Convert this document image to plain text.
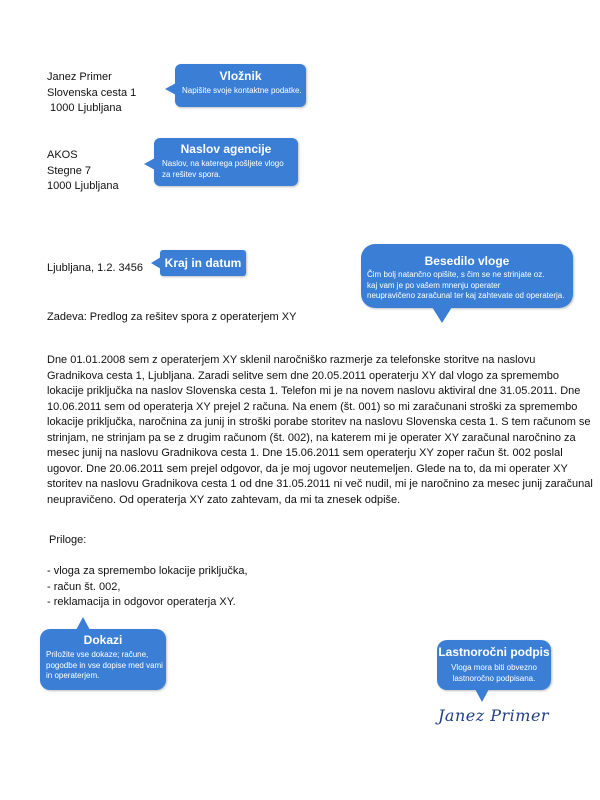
Janez Primer
Slovenska cesta 1
1000 Ljubljana
AKOS
Stegne 7
1000 Ljubljana
Ljubljana, 1.2. 3456
Zadeva: Predlog za rešitev spora z operaterjem XY
Dne 01.01.2008 sem z operaterjem XY sklenil naročniško razmerje za telefonske storitve na naslovu
Gradnikova cesta 1, Ljubljana. Zaradi selitve sem dne 20.05.2011 operaterju XY dal vlogo za spremembo
lokacije priključka na naslov Slovenska cesta 1. Telefon mi je na novem naslovu aktiviral dne 31.05.2011. Dne
10.06.2011 sem od operaterja XY prejel 2 računa. Na enem (št. 001) so mi zaračunani stroški za spremembo
lokacije priključka, naročnina za junij in stroški porabe storitev na naslovu Slovenska cesta 1. S tem računom se
strinjam, ne strinjam pa se z drugim računom (št. 002), na katerem mi je operater XY zaračunal naročnino za
mesec junij na naslovu Gradnikova cesta 1. Dne 15.06.2011 sem operaterju XY zoper račun št. 002 poslal
ugovor. Dne 20.06.2011 sem prejel odgovor, da je moj ugovor neutemeljen. Glede na to, da mi operater XY
storitev na naslovu Gradnikova cesta 1 od dne 31.05.2011 ni več nudil, mi je naročnino za mesec junij zaračunal
neupravičeno. Od operaterja XY zato zahtevam, da mi ta znesek odpiše.
Priloge:
- vloga za spremembo lokacije priključka,
- račun št. 002,
- reklamacija in odgovor operaterja XY.
Janez Primer
Vložnik
Napišite svoje kontaktne podatke.
Naslov agencije
Naslov, na katerega pošljete vlogo
za rešitev spora.
Kraj in datum	Besedilo vloge
Čim bolj natančno opišite, s čim se ne strinjate oz.
kaj vam je po vašem mnenju operater
neupravičeno zaračunal ter kaj zahtevate od operaterja.
Dokazi
Priložite vse dokaze; račune,
pogodbe in vse dopise med vami
in operaterjem.
Lastnoročni podpis
Vloga mora biti obvezno
lastnoročno podpisana.
